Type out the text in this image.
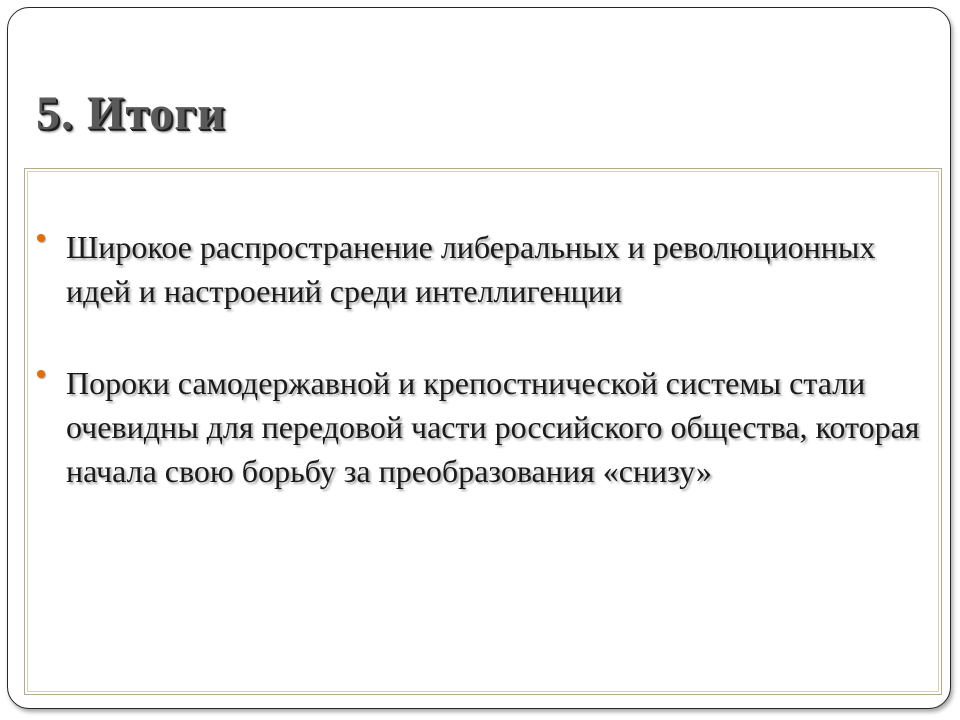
5. Итоги
Широкое распространение либеральных и революционных идей и настроений среди интеллигенции
Пороки самодержавной и крепостнической системы стали очевидны для передовой части российского общества, которая начала свою борьбу за преобразования «снизу»
